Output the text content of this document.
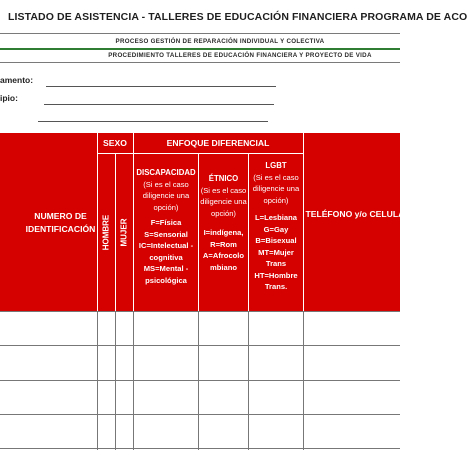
LISTADO DE ASISTENCIA - TALLERES DE EDUCACIÓN FINANCIERA PROGRAMA DE ACO
PROCESO GESTIÓN DE REPARACIÓN INDIVIDUAL Y COLECTIVA
PROCEDIMIENTO TALLERES DE EDUCACIÓN FINANCIERA Y PROYECTO DE VIDA
amento:
ipio:
NUMERO DE
IDENTIFICACIÓN
SEXO
HOMBRE MUJER
ENFOQUE DIFERENCIAL
DISCAPACIDAD
(Si es el caso diligencie una opción)
F=Física
S=Sensorial
IC=Intelectual - cognitiva
MS=Mental - psicológica
ÉTNICO
(Si es el caso diligencie una opción)
I=indígena,
R=Rom
A=Afrocolo mbiano
LGBT
(Si es el caso diligencie una opción)
L=Lesbiana
G=Gay
B=Bisexual
MT=Mujer Trans
HT=Hombre Trans.
TELÉFONO y/o CELULAR
